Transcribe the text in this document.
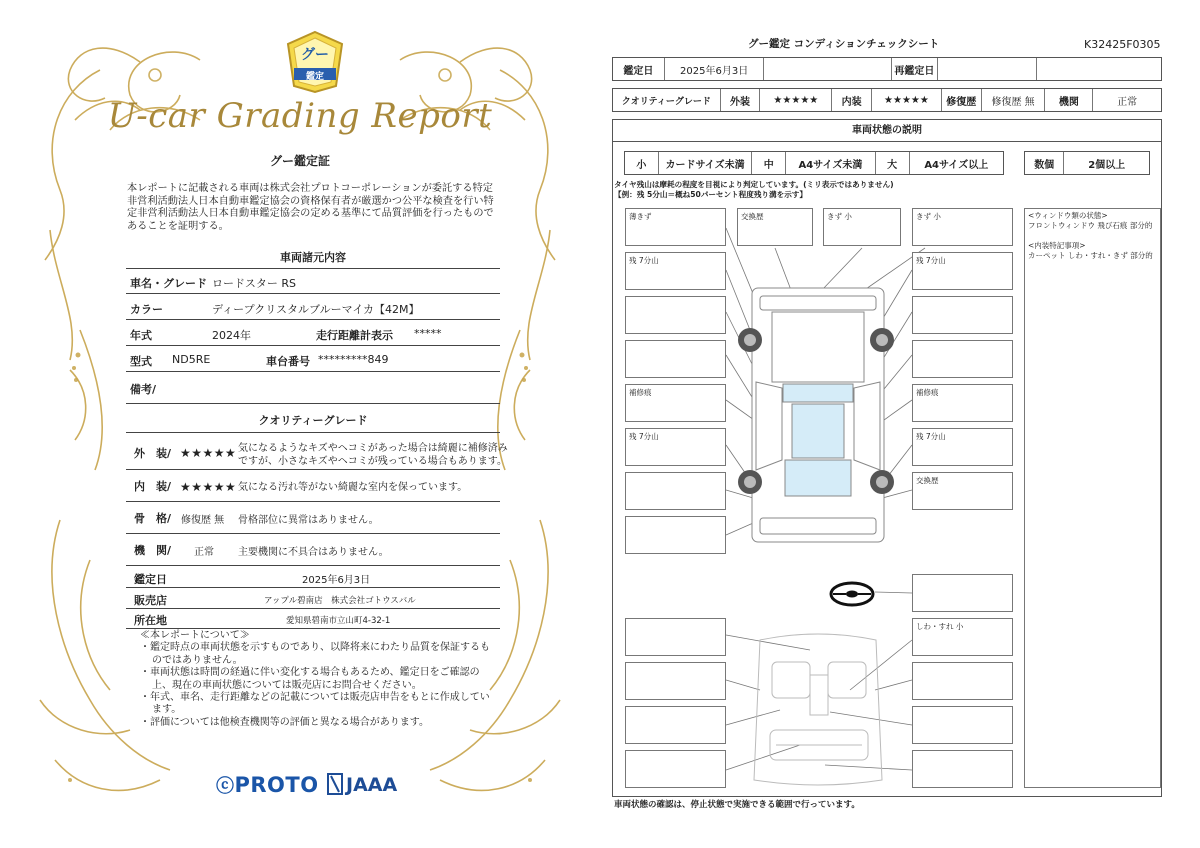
グー
鑑定
U-car Grading Report
グー鑑定証
本レポートに記載される車両は株式会社プロトコーポレーションが委託する特定非営利活動法人日本自動車鑑定協会の資格保有者が厳選かつ公平な検査を行い特定非営利活動法人日本自動車鑑定協会の定める基準にて品質評価を行ったものであることを証明する。
車両諸元内容
車名・グレード ロードスター RS
カラー	ディープクリスタルブルーマイカ【42M】
年式	2024年	走行距離計表示 *****
型式 ND5RE	車台番号 *********849
備考/
クオリティーグレード
外　装/ ★★★★★ 気になるようなキズやヘコミがあった場合は綺麗に補修済み
ですが、小さなキズやヘコミが残っている場合もあります。
内　装/ ★★★★★ 気になる汚れ等がない綺麗な室内を保っています。
骨　格/ 修復歴 無 骨格部位に異常はありません。
機　関/ 正常 主要機関に不具合はありません。
鑑定日	2025年6月3日
販売店	アップル碧南店　株式会社ゴトウスバル
所在地	愛知県碧南市立山町4-32-1
≪本レポートについて≫
・鑑定時点の車両状態を示すものであり、以降将来にわたり品質を保証するものではありません。
・車両状態は時間の経過に伴い変化する場合もあるため、鑑定日をご確認の上、現在の車両状態については販売店にお問合せください。
・年式、車名、走行距離などの記載については販売店申告をもとに作成しています。
・評価については他検査機関等の評価と異なる場合があります。
ⓒPROTO JAAA
グー鑑定 コンディションチェックシート	K32425F0305
鑑定日	2025年6月3日	再鑑定日
クオリティーグレード	外装	★★★★★	内装	★★★★★	修復歴	修復歴 無	機関	正常
車両状態の説明
小	カードサイズ未満	中	A4サイズ未満	大	A4サイズ以上	数個	2個以上
タイヤ残山は摩耗の程度を目視により判定しています。(ミリ表示ではありません)
【例：残 5分山＝概ね50パーセント程度残り溝を示す】
薄きず
残 7分山
補修痕
残 7分山
交換歴	きず 小	きず 小
残 7分山
補修痕
残 7分山
交換歴
しわ・すれ 小
<ウィンドウ類の状態>
フロントウィンドウ 飛び石痕 部分的
<内装特記事項>
カーペット しわ・すれ・きず 部分的
車両状態の確認は、停止状態で実施できる範囲で行っています。
